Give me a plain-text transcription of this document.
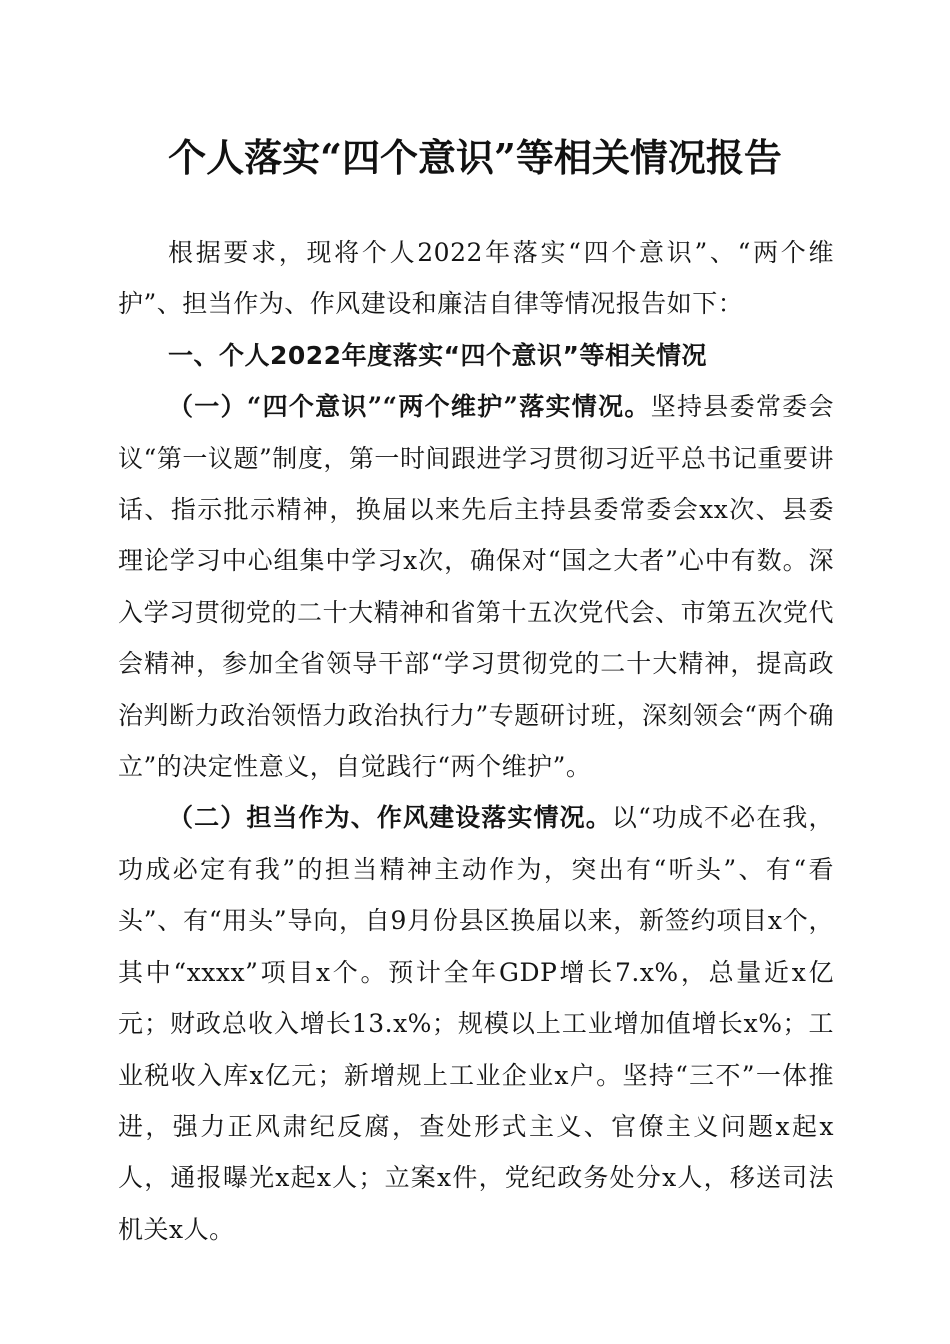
个人落实“四个意识”等相关情况报告

根据要求，现将个人2022年落实“四个意识”、“两个维护”、担当作为、作风建设和廉洁自律等情况报告如下：

一、个人2022年度落实“四个意识”等相关情况

（一）“四个意识”“两个维护”落实情况。坚持县委常委会议“第一议题”制度，第一时间跟进学习贯彻习近平总书记重要讲话、指示批示精神，换届以来先后主持县委常委会xx次、县委理论学习中心组集中学习x次，确保对“国之大者”心中有数。深入学习贯彻党的二十大精神和省第十五次党代会、市第五次党代会精神，参加全省领导干部“学习贯彻党的二十大精神，提高政治判断力政治领悟力政治执行力”专题研讨班，深刻领会“两个确立”的决定性意义，自觉践行“两个维护”。

（二）担当作为、作风建设落实情况。以“功成不必在我，功成必定有我”的担当精神主动作为，突出有“听头”、有“看头”、有“用头”导向，自9月份县区换届以来，新签约项目x个，其中“xxxx”项目x个。预计全年GDP增长7.x%，总量近x亿元；财政总收入增长13.x%；规模以上工业增加值增长x%；工业税收入库x亿元；新增规上工业企业x户。坚持“三不”一体推进，强力正风肃纪反腐，查处形式主义、官僚主义问题x起x人，通报曝光x起x人；立案x件，党纪政务处分x人，移送司法机关x人。
